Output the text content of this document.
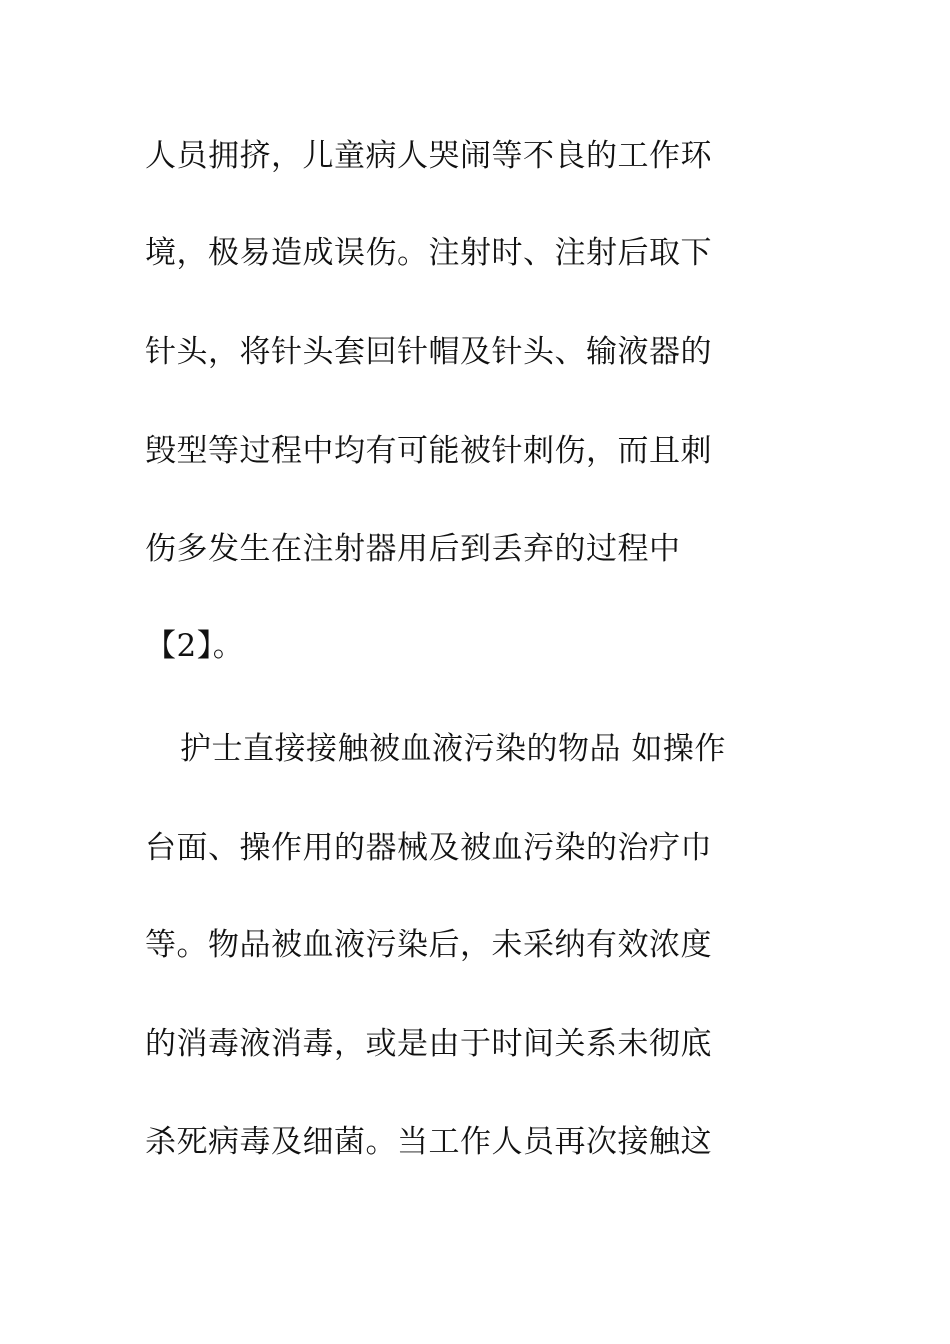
人员拥挤，儿童病人哭闹等不良的工作环

境，极易造成误伤。注射时、注射后取下

针头，将针头套回针帽及针头、输液器的

毁型等过程中均有可能被针刺伤，而且刺

伤多发生在注射器用后到丢弃的过程中

【2】。

护士直接接触被血液污染的物品 如操作

台面、操作用的器械及被血污染的治疗巾

等。物品被血液污染后，未采纳有效浓度

的消毒液消毒，或是由于时间关系未彻底

杀死病毒及细菌。当工作人员再次接触这
